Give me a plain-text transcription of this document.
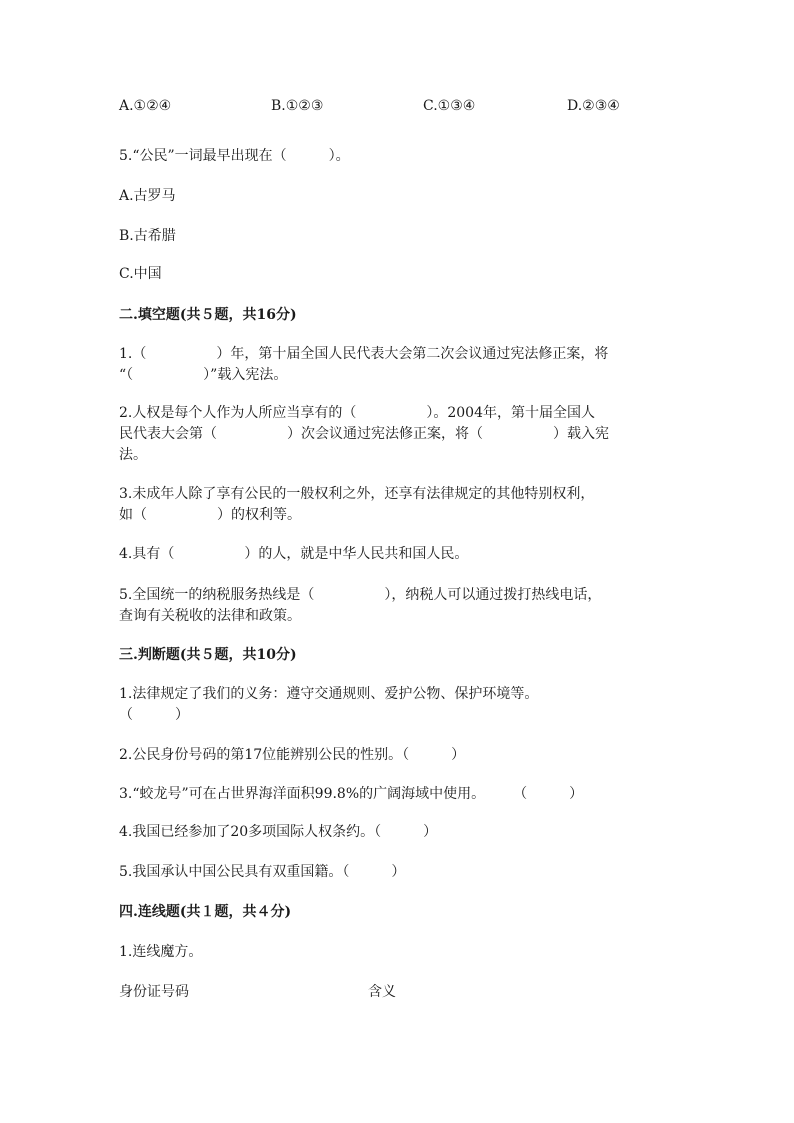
A.①②④	B.①②③	C.①③④	D.②③④
5.“公民”一词最早出现在（　　　）。
A.古罗马
B.古希腊
C.中国
二.填空题(共５题，共16分)
1.（　　　　　）年，第十届全国人民代表大会第二次会议通过宪法修正案，将
“（　　　　　）”载入宪法。
2.人权是每个人作为人所应当享有的（　　　　　）。2004年，第十届全国人
民代表大会第（　　　　　）次会议通过宪法修正案，将（　　　　　）载入宪
法。
3.未成年人除了享有公民的一般权利之外，还享有法律规定的其他特别权利，
如（　　　　　）的权利等。
4.具有（　　　　　）的人，就是中华人民共和国人民。
5.全国统一的纳税服务热线是（　　　　　），纳税人可以通过拨打热线电话，
查询有关税收的法律和政策。
三.判断题(共５题，共10分)
1.法律规定了我们的义务：遵守交通规则、爱护公物、保护环境等。
（　　　）
2.公民身份号码的第17位能辨别公民的性别。（　　　）
3.“蛟龙号”可在占世界海洋面积99.8%的广阔海域中使用。　　　（　　　）
4.我国已经参加了20多项国际人权条约。（　　　）
5.我国承认中国公民具有双重国籍。（　　　）
四.连线题(共１题，共４分)
1.连线魔方。
身份证号码	含义
